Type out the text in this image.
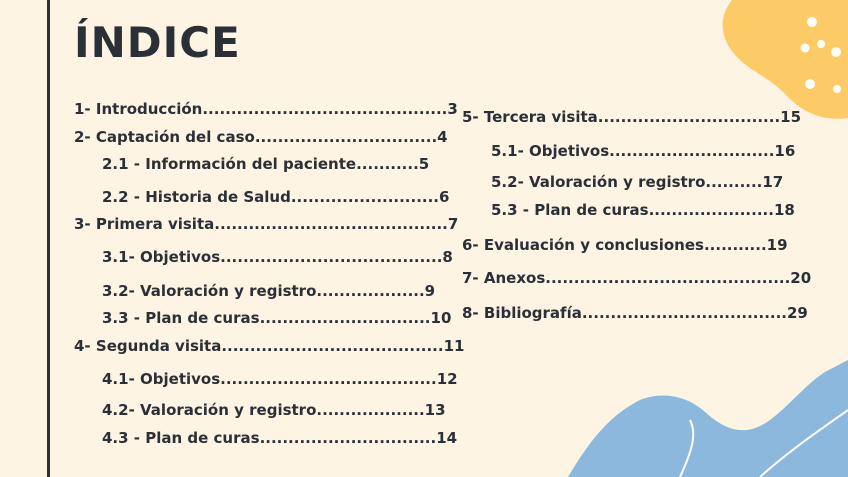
ÍNDICE
1- Introducción...........................................3
2- Captación del caso................................4
2.1 - Información del paciente...........5
2.2 - Historia de Salud..........................6
3- Primera visita.........................................7
3.1- Objetivos.......................................8
3.2- Valoración y registro...................9
3.3 - Plan de curas..............................10
4- Segunda visita.......................................11
4.1- Objetivos......................................12
4.2- Valoración y registro...................13
4.3 - Plan de curas...............................14
5- Tercera visita................................15
5.1- Objetivos.............................16
5.2- Valoración y registro..........17
5.3 - Plan de curas......................18
6- Evaluación y conclusiones...........19
7- Anexos...........................................20
8- Bibliografía....................................29
